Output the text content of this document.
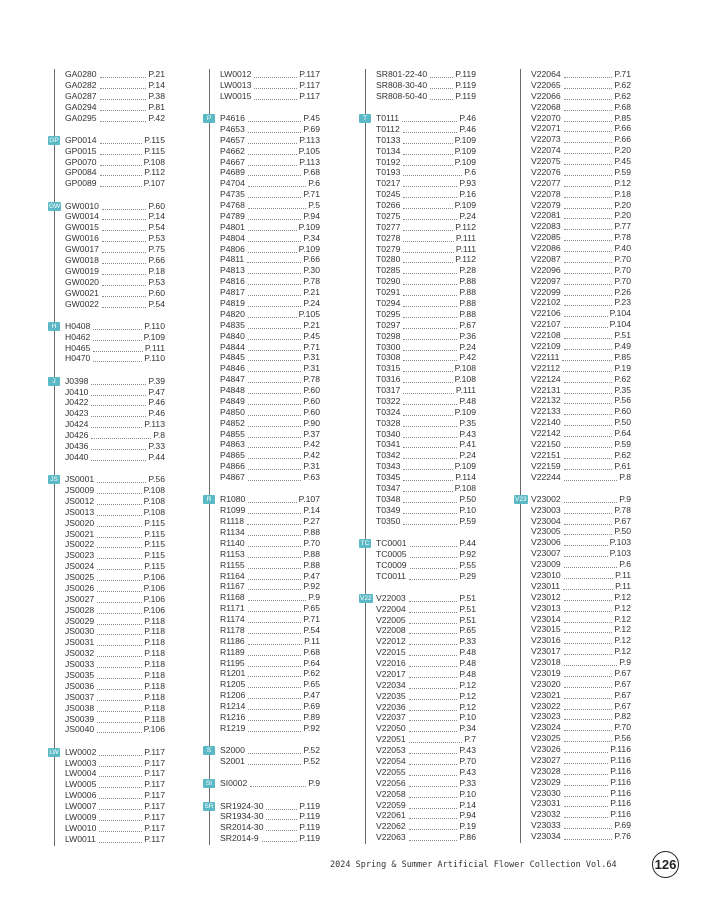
GA0280	P.21
GA0282	P.14
GA0287	P.38
GA0294	P.81
GA0295	P.42
GP GP0014	P.115
GP0015	P.115
GP0070	P.108
GP0084	P.112
GP0089	P.107
GW GW0010	P.60
GW0014	P.14
GW0015	P.54
GW0016	P.53
GW0017	P.75
GW0018	P.66
GW0019	P.18
GW0020	P.53
GW0021	P.60
GW0022	P.54
H	H0408	P.110
H0462	P.109
H0465	P.111
H0470	P.110
J	J0398	P.39
J0410	P.47
J0422	P.46
J0423	P.46
J0424	P.113
J0426	P.8
J0436	P.33
J0440	P.44
JS JS0001	P.56
JS0009	P.108
JS0012	P.108
JS0013	P.108
JS0020	P.115
JS0021	P.115
JS0022	P.115
JS0023	P.115
JS0024	P.115
JS0025	P.106
JS0026	P.106
JS0027	P.106
JS0028	P.106
JS0029	P.118
JS0030	P.118
JS0031	P.118
JS0032	P.118
JS0033	P.118
JS0035	P.118
JS0036	P.118
JS0037	P.118
JS0038	P.118
JS0039	P.118
JS0040	P.106
LW LW0002	P.117
LW0003	P.117
LW0004	P.117
LW0005	P.117
LW0006	P.117
LW0007	P.117
LW0009	P.117
LW0010	P.117
LW0011	P.117
LW0012	P.117
LW0013	P.117
LW0015	P.117
P	P4616	P.45
P4653	P.69
P4657	P.113
P4662	P.105
P4667	P.113
P4689	P.68
P4704	P.6
P4735	P.71
P4768	P.5
P4789	P.94
P4801	P.109
P4804	P.34
P4806	P.109
P4811	P.66
P4813	P.30
P4816	P.78
P4817	P.21
P4819	P.24
P4820	P.105
P4835	P.21
P4840	P.45
P4844	P.71
P4845	P.31
P4846	P.31
P4847	P.78
P4848	P.60
P4849	P.60
P4850	P.60
P4852	P.90
P4855	P.37
P4863	P.42
P4865	P.42
P4866	P.31
P4867	P.63
R	R1080	P.107
R1099	P.14
R1118	P.27
R1134	P.88
R1140	P.70
R1153	P.88
R1155	P.88
R1164	P.47
R1167	P.92
R1168	P.9
R1171	P.65
R1174	P.71
R1178	P.54
R1186	P.11
R1189	P.68
R1195	P.64
R1201	P.62
R1205	P.65
R1206	P.47
R1214	P.69
R1216	P.89
R1219	P.92
S	S2000	P.52
S2001	P.52
SI SI0002	P.9
SR SR1924-30	P.119
SR1934-30	P.119
SR2014-30	P.119
SR2014-9	P.119
SR801-22-40	P.119
SR808-30-40	P.119
SR808-50-40	P.119
T	T0111	P.46
T0112	P.46
T0133	P.109
T0134	P.109
T0192	P.109
T0193	P.6
T0217	P.93
T0245	P.16
T0266	P.109
T0275	P.24
T0277	P.112
T0278	P.111
T0279	P.111
T0280	P.112
T0285	P.28
T0290	P.88
T0291	P.88
T0294	P.88
T0295	P.88
T0297	P.67
T0298	P.36
T0300	P.24
T0308	P.42
T0315	P.108
T0316	P.108
T0317	P.111
T0322	P.48
T0324	P.109
T0328	P.35
T0340	P.43
T0341	P.41
T0342	P.24
T0343	P.109
T0345	P.114
T0347	P.108
T0348	P.50
T0349	P.10
T0350	P.59
TC TC0001	P.44
TC0005	P.92
TC0009	P.55
TC0011	P.29
V22 V22003	P.51
V22004	P.51
V22005	P.51
V22008	P.65
V22012	P.33
V22015	P.48
V22016	P.48
V22017	P.48
V22034	P.12
V22035	P.12
V22036	P.12
V22037	P.10
V22050	P.34
V22051	P.7
V22053	P.43
V22054	P.70
V22055	P.43
V22056	P.33
V22058	P.10
V22059	P.14
V22061	P.94
V22062	P.19
V22063	P.86
V22064	P.71
V22065	P.62
V22066	P.62
V22068	P.68
V22070	P.85
V22071	P.66
V22073	P.66
V22074	P.20
V22075	P.45
V22076	P.59
V22077	P.12
V22078	P.18
V22079	P.20
V22081	P.20
V22083	P.77
V22085	P.78
V22086	P.40
V22087	P.70
V22096	P.70
V22097	P.70
V22099	P.26
V22102	P.23
V22106	P.104
V22107	P.104
V22108	P.51
V22109	P.49
V22111	P.85
V22112	P.19
V22124	P.62
V22131	P.35
V22132	P.56
V22133	P.60
V22140	P.50
V22142	P.64
V22150	P.59
V22151	P.62
V22159	P.61
V22244	P.8
V23 V23002	P.9
V23003	P.78
V23004	P.67
V23005	P.50
V23006	P.103
V23007	P.103
V23009	P.6
V23010	P.11
V23011	P.11
V23012	P.12
V23013	P.12
V23014	P.12
V23015	P.12
V23016	P.12
V23017	P.12
V23018	P.9
V23019	P.67
V23020	P.67
V23021	P.67
V23022	P.67
V23023	P.82
V23024	P.70
V23025	P.56
V23026	P.116
V23027	P.116
V23028	P.116
V23029	P.116
V23030	P.116
V23031	P.116
V23032	P.116
V23033	P.69
V23034	P.76
2024 Spring & Summer Artificial Flower Collection Vol.64	126
